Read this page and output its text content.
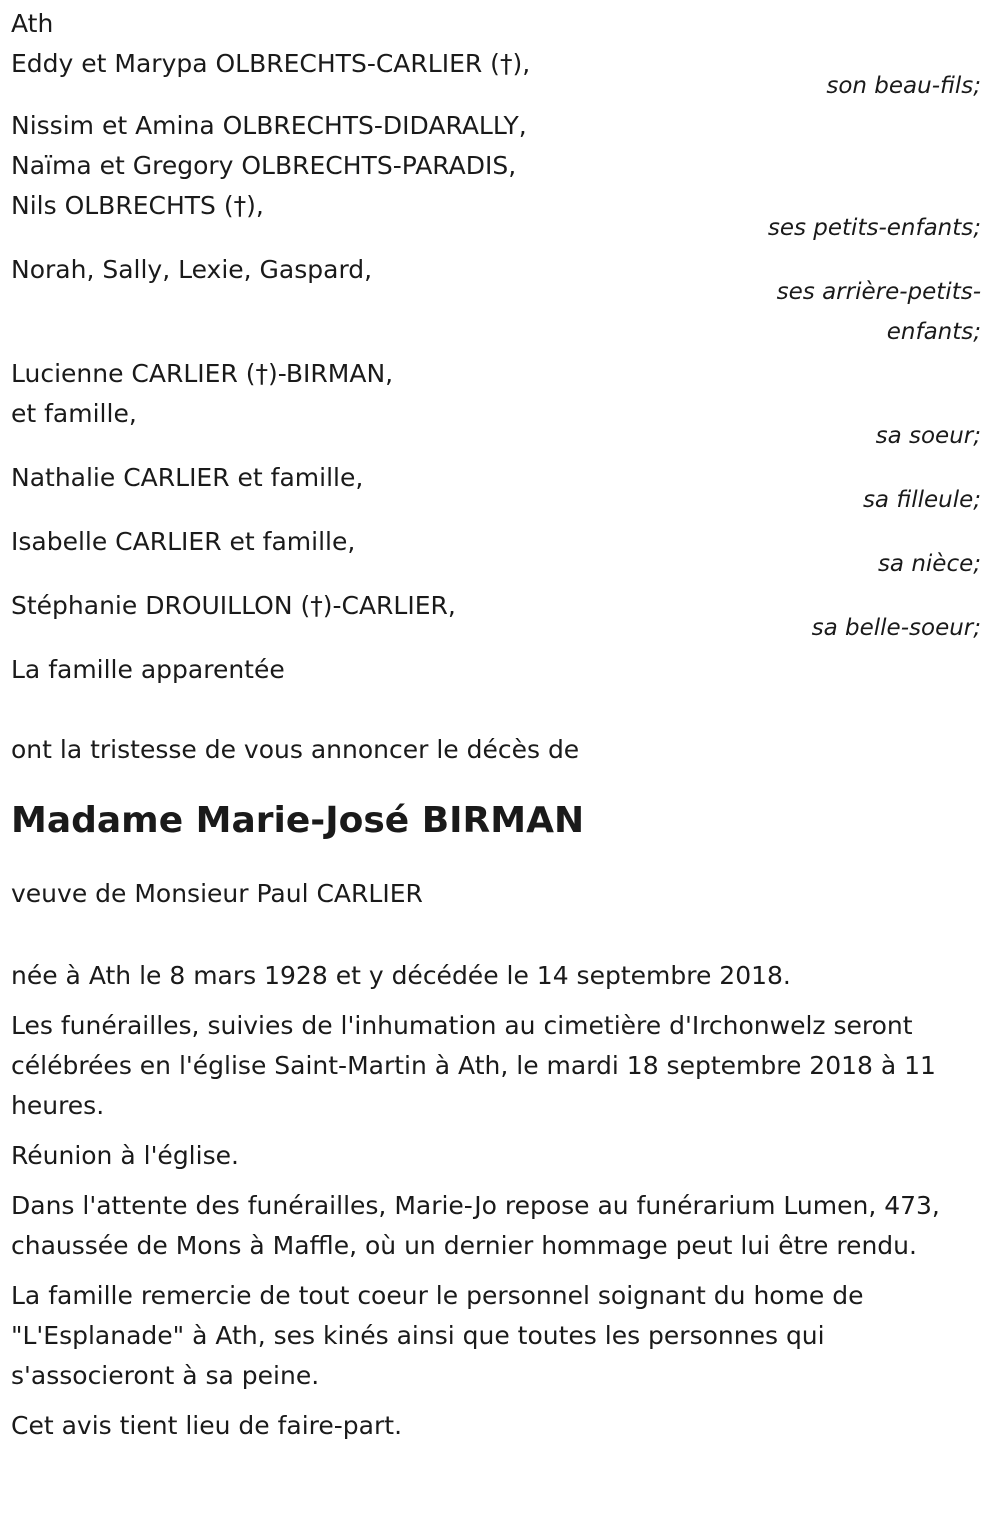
Ath

Eddy et Marypa OLBRECHTS-CARLIER (†),

son beau-fils;

Nissim et Amina OLBRECHTS-DIDARALLY,

Naïma et Gregory OLBRECHTS-PARADIS,

Nils OLBRECHTS (†),

ses petits-enfants;

Norah, Sally, Lexie, Gaspard,

ses arrière-petits-enfants;

Lucienne CARLIER (†)-BIRMAN,

et famille,

sa soeur;

Nathalie CARLIER et famille,

sa filleule;

Isabelle CARLIER et famille,

sa nièce;

Stéphanie DROUILLON (†)-CARLIER,

sa belle-soeur;

La famille apparentée

ont la tristesse de vous annoncer le décès de

Madame Marie-José BIRMAN

veuve de Monsieur Paul CARLIER

née à Ath le 8 mars 1928 et y décédée le 14 septembre 2018.

Les funérailles, suivies de l'inhumation au cimetière d'Irchonwelz seront célébrées en l'église Saint-Martin à Ath, le mardi 18 septembre 2018 à 11 heures.

Réunion à l'église.

Dans l'attente des funérailles, Marie-Jo repose au funérarium Lumen, 473, chaussée de Mons à Maffle, où un dernier hommage peut lui être rendu.

La famille remercie de tout coeur le personnel soignant du home de "L'Esplanade" à Ath, ses kinés ainsi que toutes les personnes qui s'associeront à sa peine.

Cet avis tient lieu de faire-part.
